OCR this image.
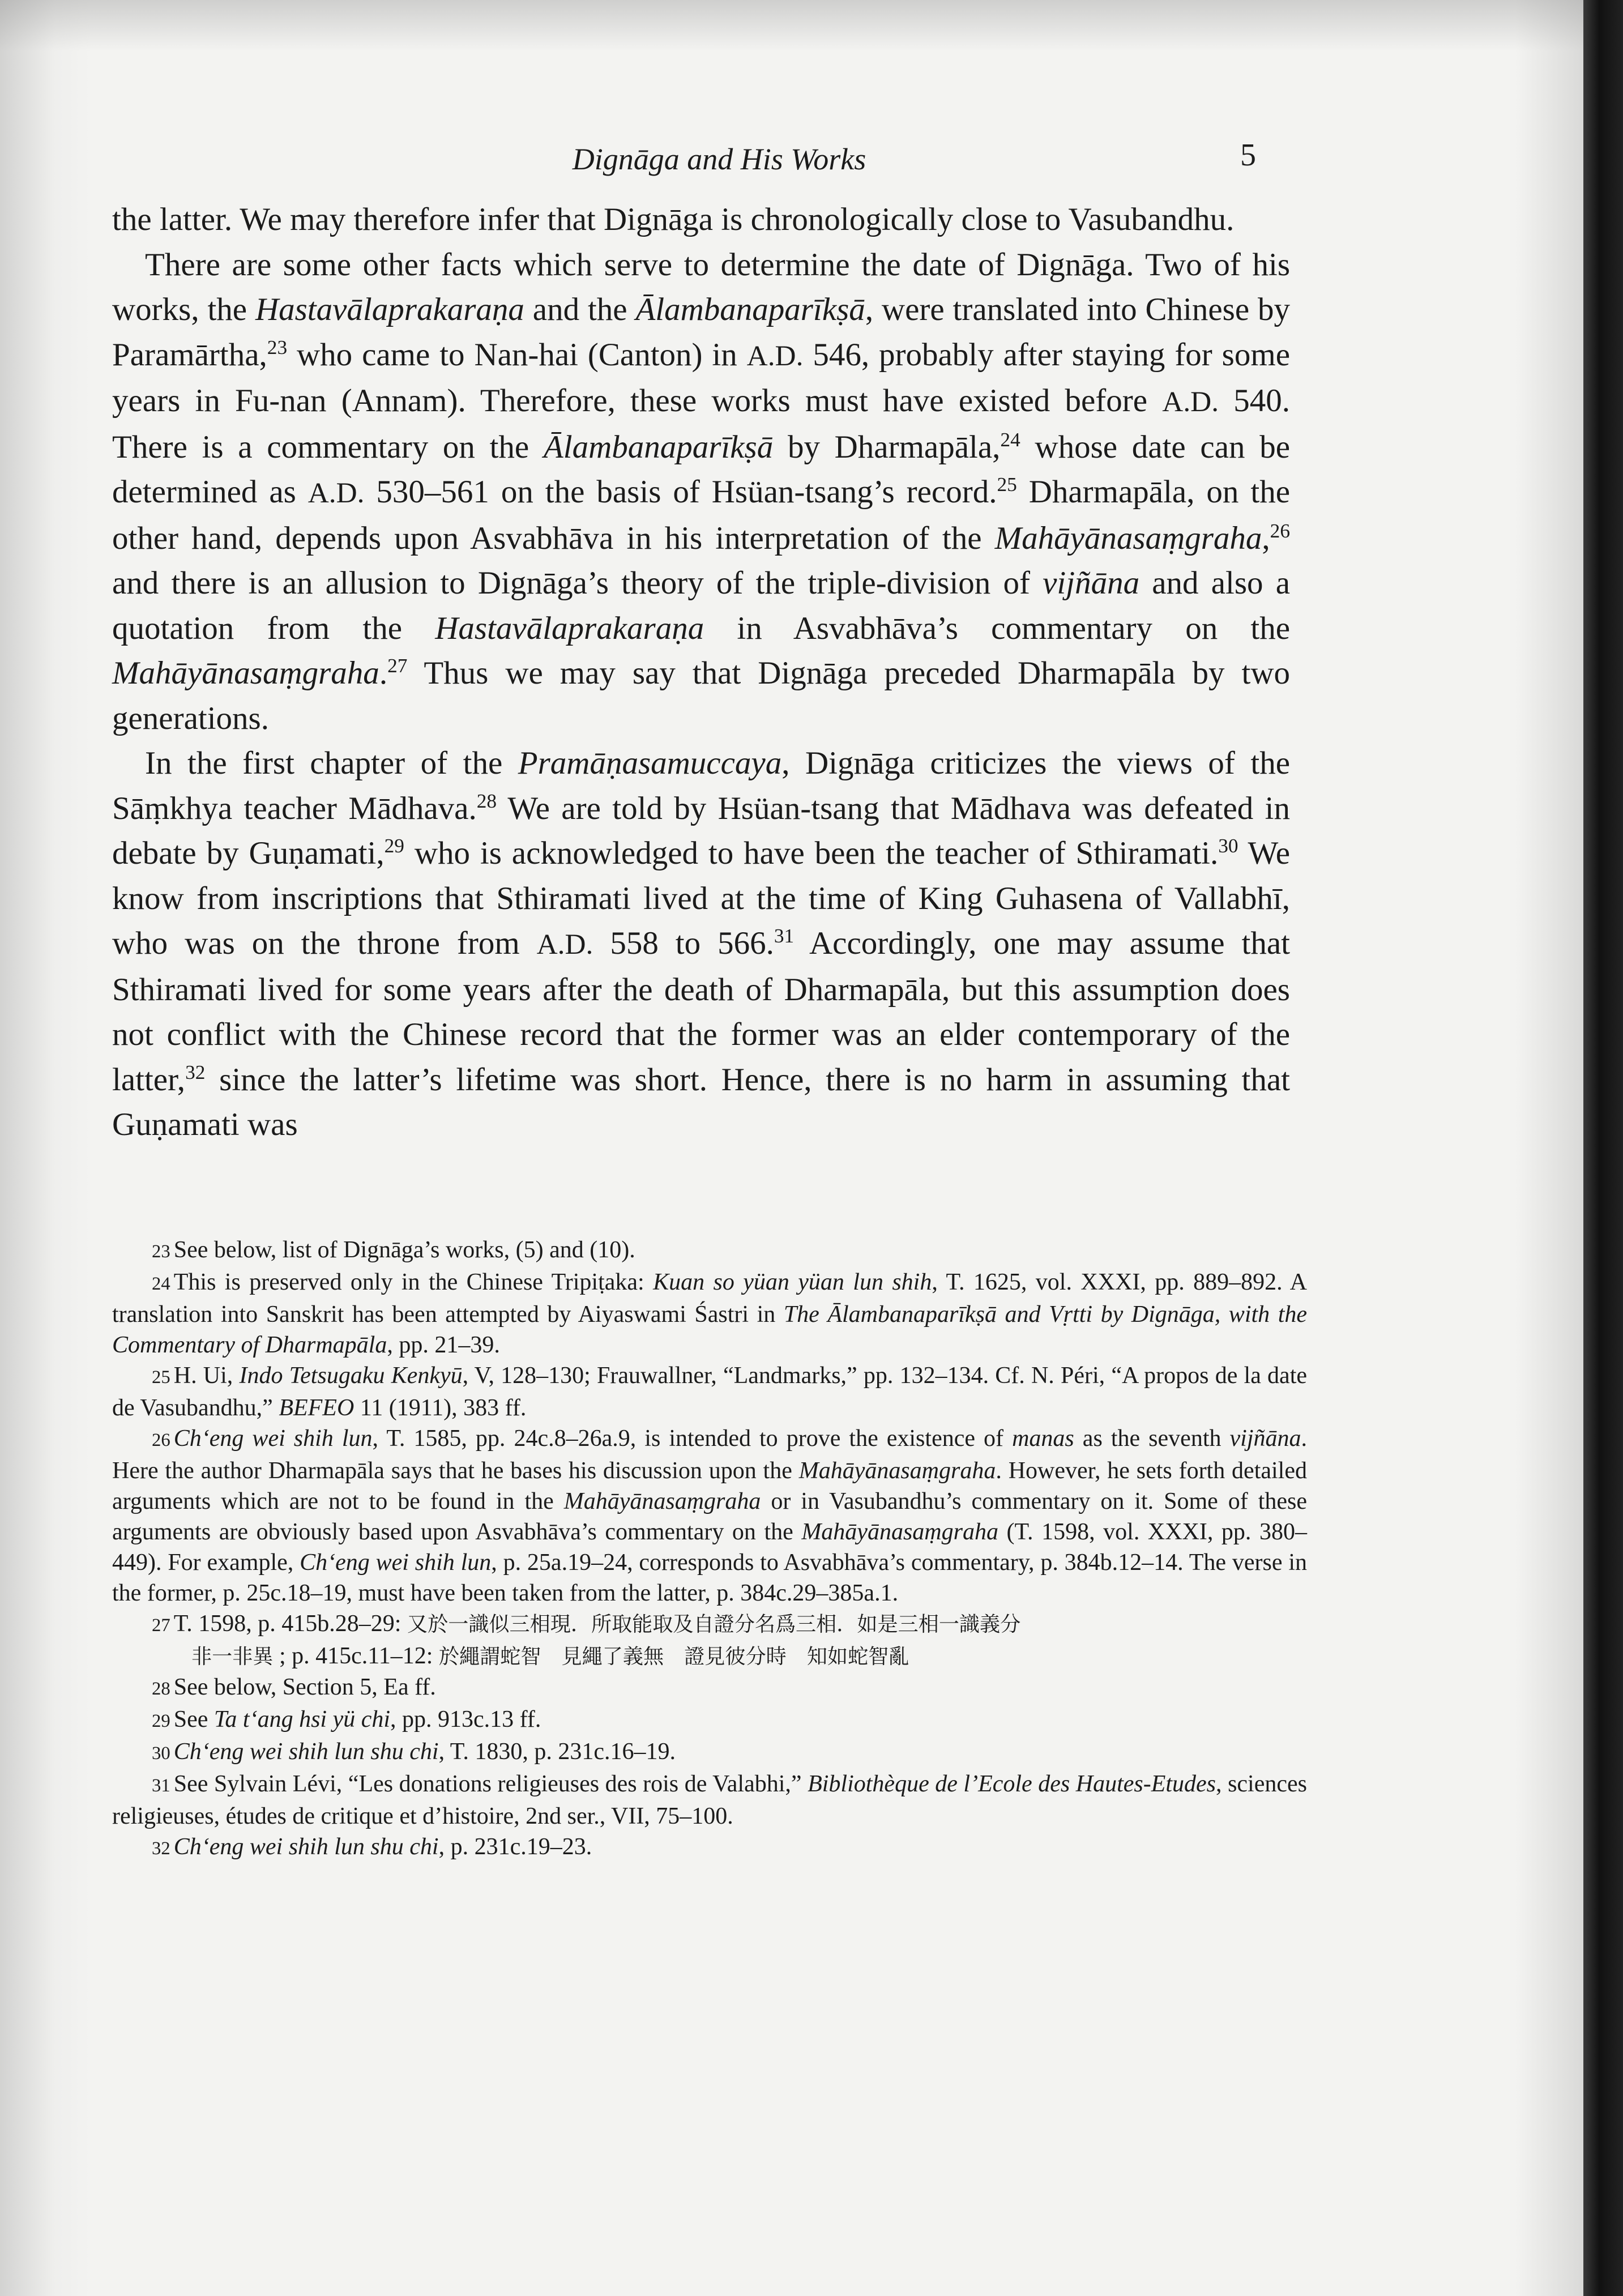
Dignāga and His Works	5

the latter. We may therefore infer that Dignāga is chronologically close to Vasubandhu.

There are some other facts which serve to determine the date of Dignāga. Two of his works, the Hastavālaprakaraṇa and the Ālambanaparīkṣā, were translated into Chinese by Paramārtha,$^{23}$ who came to Nan-hai (Canton) in A.D. 546, probably after staying for some years in Fu-nan (Annam). Therefore, these works must have existed before A.D. 540. There is a commentary on the Ālambanaparīkṣā by Dharmapāla,$^{24}$ whose date can be determined as A.D. 530–561 on the basis of Hsüan-tsang’s record.$^{25}$ Dharmapāla, on the other hand, depends upon Asvabhāva in his interpretation of the Mahāyānasaṃgraha,$^{26}$ and there is an allusion to Dignāga’s theory of the triple-division of vijñāna and also a quotation from the Hastavālaprakaraṇa in Asvabhāva’s commentary on the Mahāyānasaṃgraha.$^{27}$ Thus we may say that Dignāga preceded Dharmapāla by two generations.

In the first chapter of the Pramāṇasamuccaya, Dignāga criticizes the views of the Sāṃkhya teacher Mādhava.$^{28}$ We are told by Hsüan-tsang that Mādhava was defeated in debate by Guṇamati,$^{29}$ who is acknowledged to have been the teacher of Sthiramati.$^{30}$ We know from inscriptions that Sthiramati lived at the time of King Guhasena of Vallabhī, who was on the throne from A.D. 558 to 566.31 Accordingly, one may assume that Sthiramati lived for some years after the death of Dharmapāla, but this assumption does not conflict with the Chinese record that the former was an elder contemporary of the latter,$^{32}$ since the latter’s lifetime was short. Hence, there is no harm in assuming that Guṇamati was

23 See below, list of Dignāga’s works, (5) and (10).

24 This is preserved only in the Chinese Tripiṭaka: Kuan so yüan yüan lun shih, T. 1625, vol. XXXI, pp. 889–892. A translation into Sanskrit has been attempted by Aiyaswami Śastri in The Ālambanaparīkṣā and Vṛtti by Dignāga, with the Commentary of Dharmapāla, pp. 21–39.

25 H. Ui, Indo Tetsugaku Kenkyū, V, 128–130; Frauwallner, “Landmarks,” pp. 132–134. Cf. N. Péri, “A propos de la date de Vasubandhu,” BEFEO 11 (1911), 383 ff.

26 Ch‘eng wei shih lun, T. 1585, pp. 24c.8–26a.9, is intended to prove the existence of manas as the seventh vijñāna. Here the author Dharmapāla says that he bases his discussion upon the Mahāyānasaṃgraha. However, he sets forth detailed arguments which are not to be found in the Mahāyānasaṃgraha or in Vasubandhu’s commentary on it. Some of these arguments are obviously based upon Asvabhāva’s commentary on the Mahāyānasaṃgraha (T. 1598, vol. XXXI, pp. 380–449). For example, Ch‘eng wei shih lun, p. 25a.19–24, corresponds to Asvabhāva’s commentary, p. 384b.12–14. The verse in the former, p. 25c.18–19, must have been taken from the latter, p. 384c.29–385a.1.

27 T. 1598, p. 415b.28–29: 又於一識似三相現．所取能取及自證分名爲三相．如是三相一識義分
非一非異 ; p. 415c.11–12: 於繩謂蛇智　見繩了義無　證見彼分時　知如蛇智亂

28 See below, Section 5, Ea ff.

29 See Ta t‘ang hsi yü chi, pp. 913c.13 ff.

30 Ch‘eng wei shih lun shu chi, T. 1830, p. 231c.16–19.

31 See Sylvain Lévi, “Les donations religieuses des rois de Valabhi,” Bibliothèque de l’Ecole des Hautes-Etudes, sciences religieuses, études de critique et d’histoire, 2nd ser., VII, 75–100.

32 Ch‘eng wei shih lun shu chi, p. 231c.19–23.
